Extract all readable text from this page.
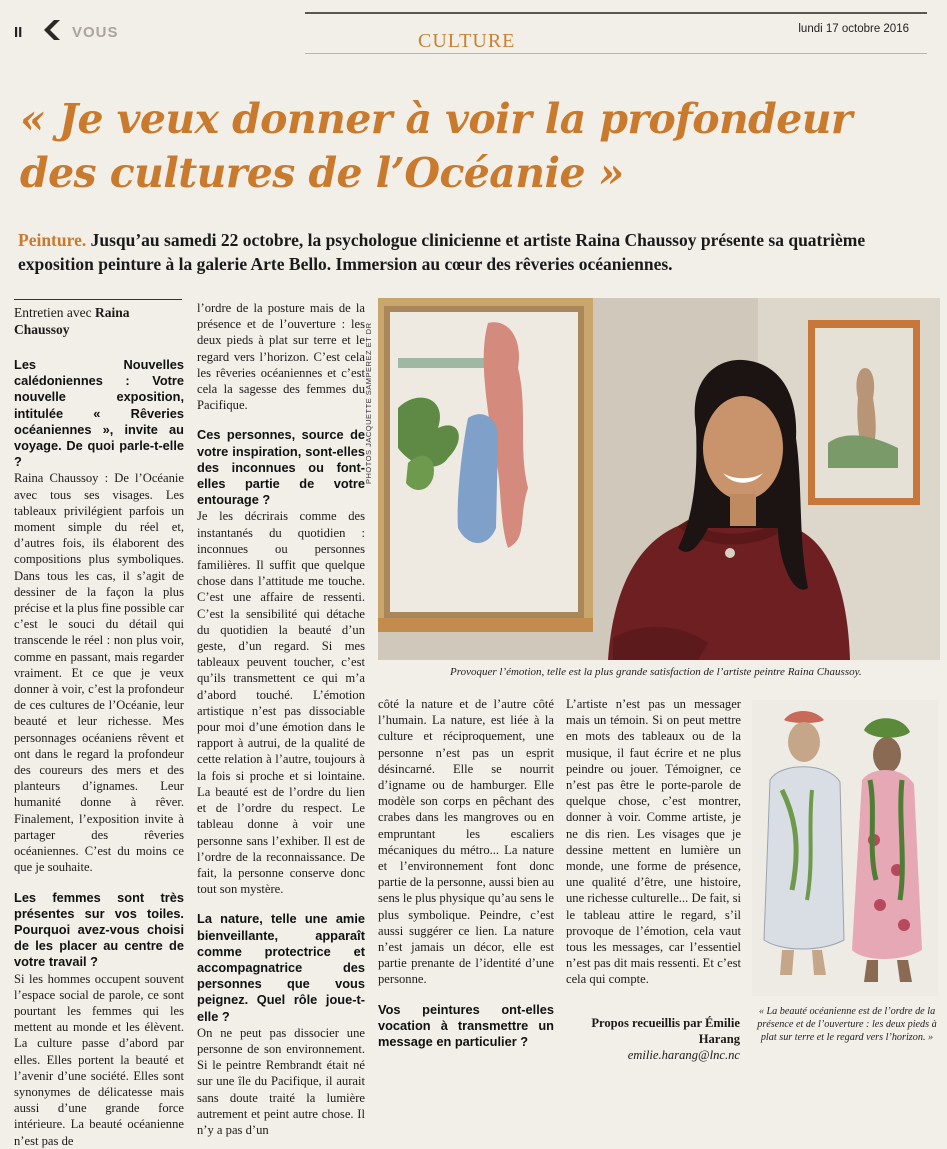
II	VOUS	CULTURE
lundi 17 octobre 2016
« Je veux donner à voir la profondeur des cultures de l’Océanie »

Peinture. Jusqu’au samedi 22 octobre, la psychologue clinicienne et artiste Raina Chaussoy présente sa quatrième exposition peinture à la galerie Arte Bello. Immersion au cœur des rêveries océaniennes.

Entretien avec Raina Chaussoy

Les Nouvelles calédoniennes : Votre nouvelle exposition, intitulée « Rêveries océaniennes », invite au voyage. De quoi parle-t-elle ?

Raina Chaussoy : De l’Océanie avec tous ses visages. Les tableaux privilégient parfois un moment simple du réel et, d’autres fois, ils élaborent des compositions plus symboliques. Dans tous les cas, il s’agit de dessiner de la façon la plus précise et la plus fine possible car c’est le souci du détail qui transcende le réel : non plus voir, comme en passant, mais regarder vraiment. Et ce que je veux donner à voir, c’est la profondeur de ces cultures de l’Océanie, leur beauté et leur richesse. Mes personnages océaniens rêvent et ont dans le regard la profondeur des coureurs des mers et des planteurs d’ignames. Leur humanité donne à rêver. Finalement, l’exposition invite à partager des rêveries océaniennes. C’est du moins ce que je souhaite.

Les femmes sont très présentes sur vos toiles. Pourquoi avez-vous choisi de les placer au centre de votre travail ?

Si les hommes occupent souvent l’espace social de parole, ce sont pourtant les femmes qui les mettent au monde et les élèvent. La culture passe d’abord par elles. Elles portent la beauté et l’avenir d’une société. Elles sont synonymes de délicatesse mais aussi d’une grande force intérieure. La beauté océanienne n’est pas de

l’ordre de la posture mais de la présence et de l’ouverture : les deux pieds à plat sur terre et le regard vers l’horizon. C’est cela les rêveries océaniennes et c’est cela la sagesse des femmes du Pacifique.

Ces personnes, source de votre inspiration, sont-elles des inconnues ou font-elles partie de votre entourage ?

Je les décrirais comme des instantanés du quotidien : inconnues ou personnes familières. Il suffit que quelque chose dans l’attitude me touche. C’est une affaire de ressenti. C’est la sensibilité qui détache du quotidien la beauté d’un geste, d’un regard. Si mes tableaux peuvent toucher, c’est qu’ils transmettent ce qui m’a d’abord touché. L’émotion artistique n’est pas dissociable pour moi d’une émotion dans le rapport à autrui, de la qualité de cette relation à l’autre, toujours à la fois si proche et si lointaine. La beauté est de l’ordre du lien et de l’ordre du respect. Le tableau donne à voir une personne sans l’exhiber. Il est de l’ordre de la reconnaissance. De fait, la personne conserve donc tout son mystère.

La nature, telle une amie bienveillante, apparaît comme protectrice et accompagnatrice des personnes que vous peignez. Quel rôle joue-t-elle ?

On ne peut pas dissocier une personne de son environnement. Si le peintre Rembrandt était né sur une île du Pacifique, il aurait sans doute traité la lumière autrement et peint autre chose. Il n’y a pas d’un

PHOTOS JACQUETTE SAMPEREZ ET DR
Provoquer l’émotion, telle est la plus grande satisfaction de l’artiste peintre Raina Chaussoy.

côté la nature et de l’autre côté l’humain. La nature, est liée à la culture et réciproquement, une personne n’est pas un esprit désincarné. Elle se nourrit d’igname ou de hamburger. Elle modèle son corps en pêchant des crabes dans les mangroves ou en empruntant les escaliers mécaniques du métro... La nature et l’environnement font donc partie de la personne, aussi bien au sens le plus physique qu’au sens le plus symbolique. Peindre, c’est aussi suggérer ce lien. La nature n’est jamais un décor, elle est partie prenante de l’identité d’une personne.

Vos peintures ont-elles vocation à transmettre un message en particulier ?

L’artiste n’est pas un messager mais un témoin. Si on peut mettre en mots des tableaux ou de la musique, il faut écrire et ne plus peindre ou jouer. Témoigner, ce n’est pas être le porte-parole de quelque chose, c’est montrer, donner à voir. Comme artiste, je ne dis rien. Les visages que je dessine mettent en lumière un monde, une forme de présence, une qualité d’être, une histoire, une richesse culturelle... De fait, si le tableau attire le regard, s’il provoque de l’émotion, cela vaut tous les messages, car l’essentiel n’est pas dit mais ressenti. Et c’est cela qui compte.

Propos recueillis par Émilie Harang
emilie.harang@lnc.nc
« La beauté océanienne est de l’ordre de la présence et de l’ouverture : les deux pieds à plat sur terre et le regard vers l’horizon. »
